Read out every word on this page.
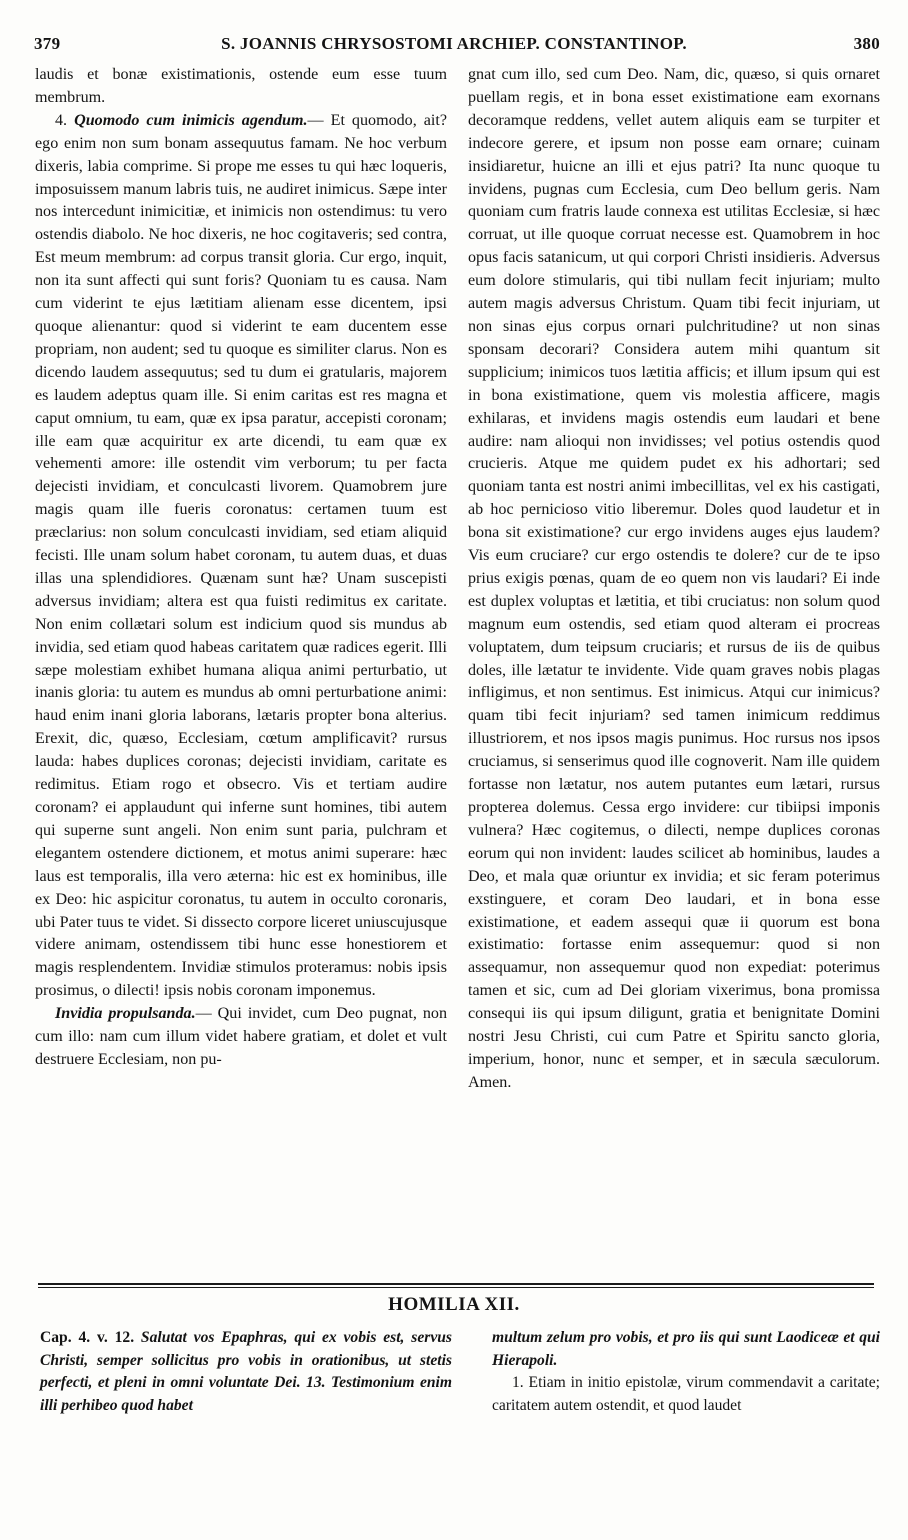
379	S. JOANNIS CHRYSOSTOMI ARCHIEP. CONSTANTINOP.	380

laudis et bonæ existimationis, ostende eum esse tuum membrum.

4. Quomodo cum inimicis agendum.— Et quomodo, ait? ego enim non sum bonam assequutus famam. Ne hoc verbum dixeris, labia comprime. Si prope me esses tu qui hæc loqueris, imposuissem manum labris tuis, ne audiret inimicus. Sæpe inter nos intercedunt inimicitiæ, et inimicis non ostendimus: tu vero ostendis diabolo. Ne hoc dixeris, ne hoc cogitaveris; sed contra, Est meum membrum: ad corpus transit gloria. Cur ergo, inquit, non ita sunt affecti qui sunt foris? Quoniam tu es causa. Nam cum viderint te ejus lætitiam alienam esse dicentem, ipsi quoque alienantur: quod si viderint te eam ducentem esse propriam, non audent; sed tu quoque es similiter clarus. Non es dicendo laudem assequutus; sed tu dum ei gratularis, majorem es laudem adeptus quam ille. Si enim caritas est res magna et caput omnium, tu eam, quæ ex ipsa paratur, accepisti coronam; ille eam quæ acquiritur ex arte dicendi, tu eam quæ ex vehementi amore: ille ostendit vim verborum; tu per facta dejecisti invidiam, et conculcasti livorem. Quamobrem jure magis quam ille fueris coronatus: certamen tuum est præclarius: non solum conculcasti invidiam, sed etiam aliquid fecisti. Ille unam solum habet coronam, tu autem duas, et duas illas una splendidiores. Quænam sunt hæ? Unam suscepisti adversus invidiam; altera est qua fuisti redimitus ex caritate. Non enim collætari solum est indicium quod sis mundus ab invidia, sed etiam quod habeas caritatem quæ radices egerit. Illi sæpe molestiam exhibet humana aliqua animi perturbatio, ut inanis gloria: tu autem es mundus ab omni perturbatione animi: haud enim inani gloria laborans, lætaris propter bona alterius. Erexit, dic, quæso, Ecclesiam, cœtum amplificavit? rursus lauda: habes duplices coronas; dejecisti invidiam, caritate es redimitus. Etiam rogo et obsecro. Vis et tertiam audire coronam? ei applaudunt qui inferne sunt homines, tibi autem qui superne sunt angeli. Non enim sunt paria, pulchram et elegantem ostendere dictionem, et motus animi superare: hæc laus est temporalis, illa vero æterna: hic est ex hominibus, ille ex Deo: hic aspicitur coronatus, tu autem in occulto coronaris, ubi Pater tuus te videt. Si dissecto corpore liceret uniuscujusque videre animam, ostendissem tibi hunc esse honestiorem et magis resplendentem. Invidiæ stimulos proteramus: nobis ipsis prosimus, o dilecti! ipsis nobis coronam imponemus.

Invidia propulsanda.— Qui invidet, cum Deo pugnat, non cum illo: nam cum illum videt habere gratiam, et dolet et vult destruere Ecclesiam, non pu-

gnat cum illo, sed cum Deo. Nam, dic, quæso, si quis ornaret puellam regis, et in bona esset existimatione eam exornans decoramque reddens, vellet autem aliquis eam se turpiter et indecore gerere, et ipsum non posse eam ornare; cuinam insidiaretur, huicne an illi et ejus patri? Ita nunc quoque tu invidens, pugnas cum Ecclesia, cum Deo bellum geris. Nam quoniam cum fratris laude connexa est utilitas Ecclesiæ, si hæc corruat, ut ille quoque corruat necesse est. Quamobrem in hoc opus facis satanicum, ut qui corpori Christi insidieris. Adversus eum dolore stimularis, qui tibi nullam fecit injuriam; multo autem magis adversus Christum. Quam tibi fecit injuriam, ut non sinas ejus corpus ornari pulchritudine? ut non sinas sponsam decorari? Considera autem mihi quantum sit supplicium; inimicos tuos lætitia afficis; et illum ipsum qui est in bona existimatione, quem vis molestia afficere, magis exhilaras, et invidens magis ostendis eum laudari et bene audire: nam alioqui non invidisses; vel potius ostendis quod crucieris. Atque me quidem pudet ex his adhortari; sed quoniam tanta est nostri animi imbecillitas, vel ex his castigati, ab hoc pernicioso vitio liberemur. Doles quod laudetur et in bona sit existimatione? cur ergo invidens auges ejus laudem? Vis eum cruciare? cur ergo ostendis te dolere? cur de te ipso prius exigis pœnas, quam de eo quem non vis laudari? Ei inde est duplex voluptas et lætitia, et tibi cruciatus: non solum quod magnum eum ostendis, sed etiam quod alteram ei procreas voluptatem, dum teipsum cruciaris; et rursus de iis de quibus doles, ille lætatur te invidente. Vide quam graves nobis plagas infligimus, et non sentimus. Est inimicus. Atqui cur inimicus? quam tibi fecit injuriam? sed tamen inimicum reddimus illustriorem, et nos ipsos magis punimus. Hoc rursus nos ipsos cruciamus, si senserimus quod ille cognoverit. Nam ille quidem fortasse non lætatur, nos autem putantes eum lætari, rursus propterea dolemus. Cessa ergo invidere: cur tibiipsi imponis vulnera? Hæc cogitemus, o dilecti, nempe duplices coronas eorum qui non invident: laudes scilicet ab hominibus, laudes a Deo, et mala quæ oriuntur ex invidia; et sic feram poterimus exstinguere, et coram Deo laudari, et in bona esse existimatione, et eadem assequi quæ ii quorum est bona existimatio: fortasse enim assequemur: quod si non assequamur, non assequemur quod non expediat: poterimus tamen et sic, cum ad Dei gloriam vixerimus, bona promissa consequi iis qui ipsum diligunt, gratia et benignitate Domini nostri Jesu Christi, cui cum Patre et Spiritu sancto gloria, imperium, honor, nunc et semper, et in sæcula sæculorum. Amen.

HOMILIA XII.

Cap. 4. v. 12. Salutat vos Epaphras, qui ex vobis est, servus Christi, semper sollicitus pro vobis in orationibus, ut stetis perfecti, et pleni in omni voluntate Dei. 13. Testimonium enim illi perhibeo quod habet

multum zelum pro vobis, et pro iis qui sunt Laodiceæ et qui Hierapoli.

1. Etiam in initio epistolæ, virum commendavit a caritate; caritatem autem ostendit, et quod laudet
